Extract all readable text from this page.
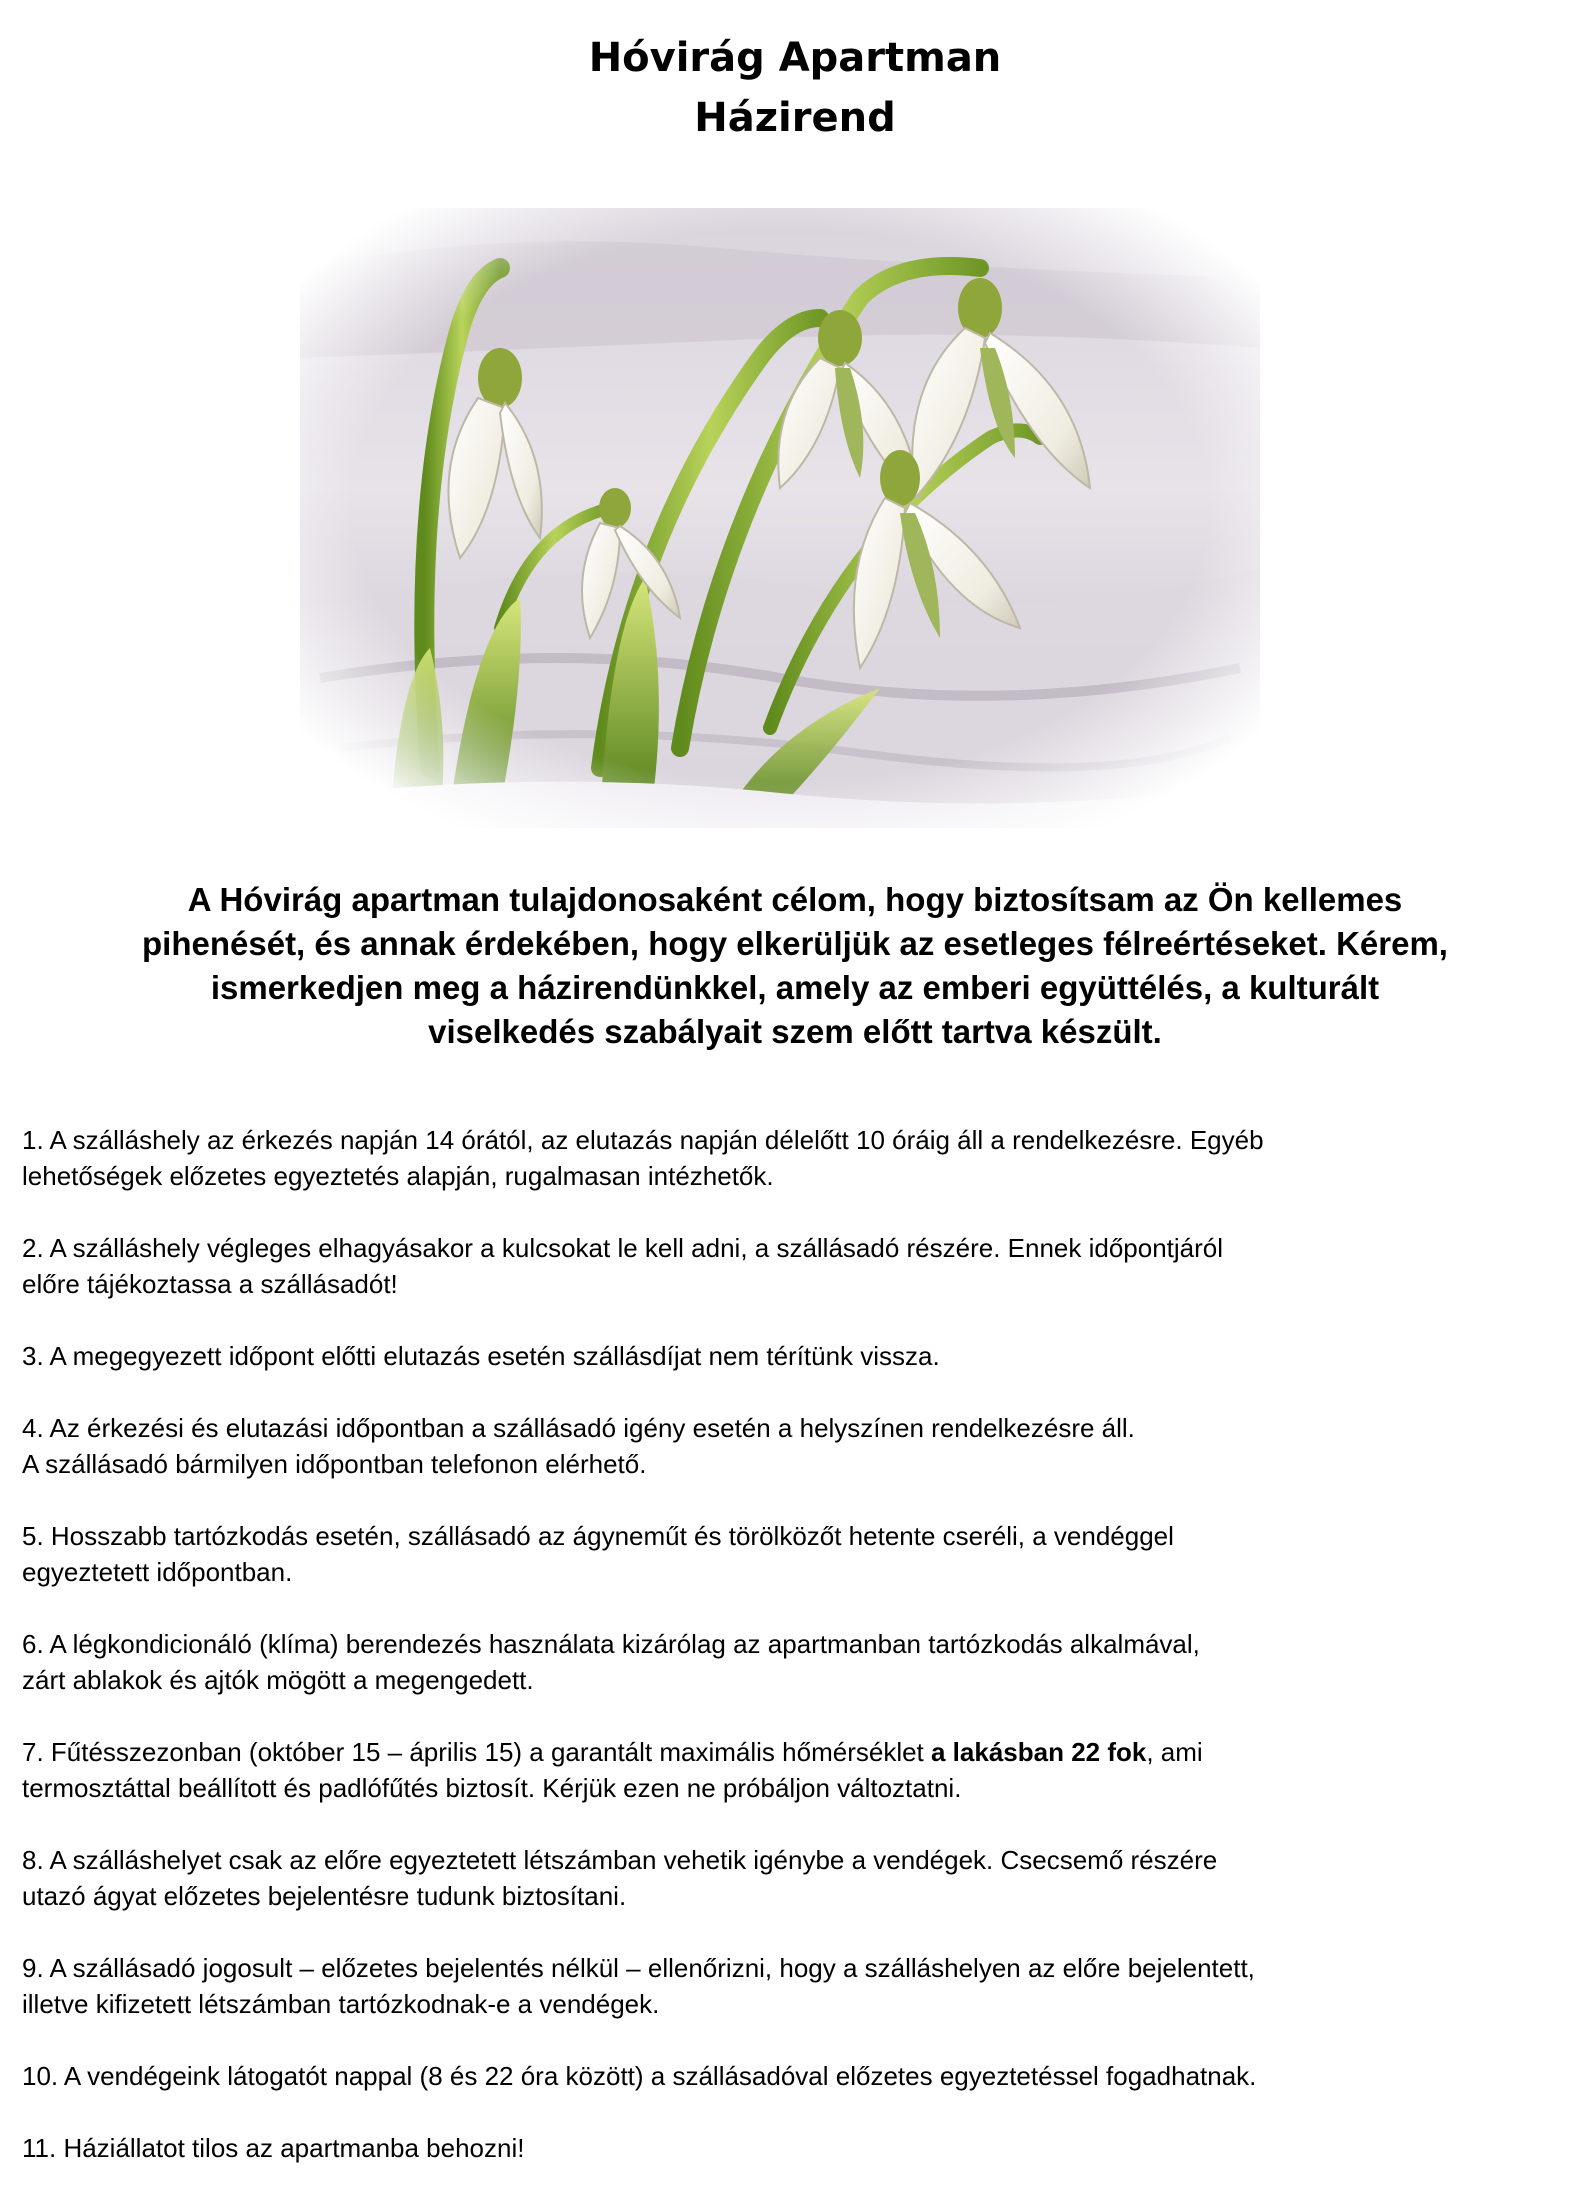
Hóvirág Apartman
Házirend
A Hóvirág apartman tulajdonosaként célom, hogy biztosítsam az Ön kellemes
pihenését, és annak érdekében, hogy elkerüljük az esetleges félreértéseket. Kérem,
ismerkedjen meg a házirendünkkel, amely az emberi együttélés, a kulturált
viselkedés szabályait szem előtt tartva készült.
1. A szálláshely az érkezés napján 14 órától, az elutazás napján délelőtt 10 óráig áll a rendelkezésre. Egyéb
lehetőségek előzetes egyeztetés alapján, rugalmasan intézhetők.
2. A szálláshely végleges elhagyásakor a kulcsokat le kell adni, a szállásadó részére. Ennek időpontjáról
előre tájékoztassa a szállásadót!
3. A megegyezett időpont előtti elutazás esetén szállásdíjat nem térítünk vissza.
4. Az érkezési és elutazási időpontban a szállásadó igény esetén a helyszínen rendelkezésre áll.
A szállásadó bármilyen időpontban telefonon elérhető.
5. Hosszabb tartózkodás esetén, szállásadó az ágyneműt és törölközőt hetente cseréli, a vendéggel
egyeztetett időpontban.
6. A légkondicionáló (klíma) berendezés használata kizárólag az apartmanban tartózkodás alkalmával,
zárt ablakok és ajtók mögött a megengedett.
7. Fűtésszezonban (október 15 – április 15) a garantált maximális hőmérséklet a lakásban 22 fok, ami
termosztáttal beállított és padlófűtés biztosít. Kérjük ezen ne próbáljon változtatni.
8. A szálláshelyet csak az előre egyeztetett létszámban vehetik igénybe a vendégek. Csecsemő részére
utazó ágyat előzetes bejelentésre tudunk biztosítani.
9. A szállásadó jogosult – előzetes bejelentés nélkül – ellenőrizni, hogy a szálláshelyen az előre bejelentett,
illetve kifizetett létszámban tartózkodnak-e a vendégek.
10. A vendégeink látogatót nappal (8 és 22 óra között) a szállásadóval előzetes egyeztetéssel fogadhatnak.
11. Háziállatot tilos az apartmanba behozni!
